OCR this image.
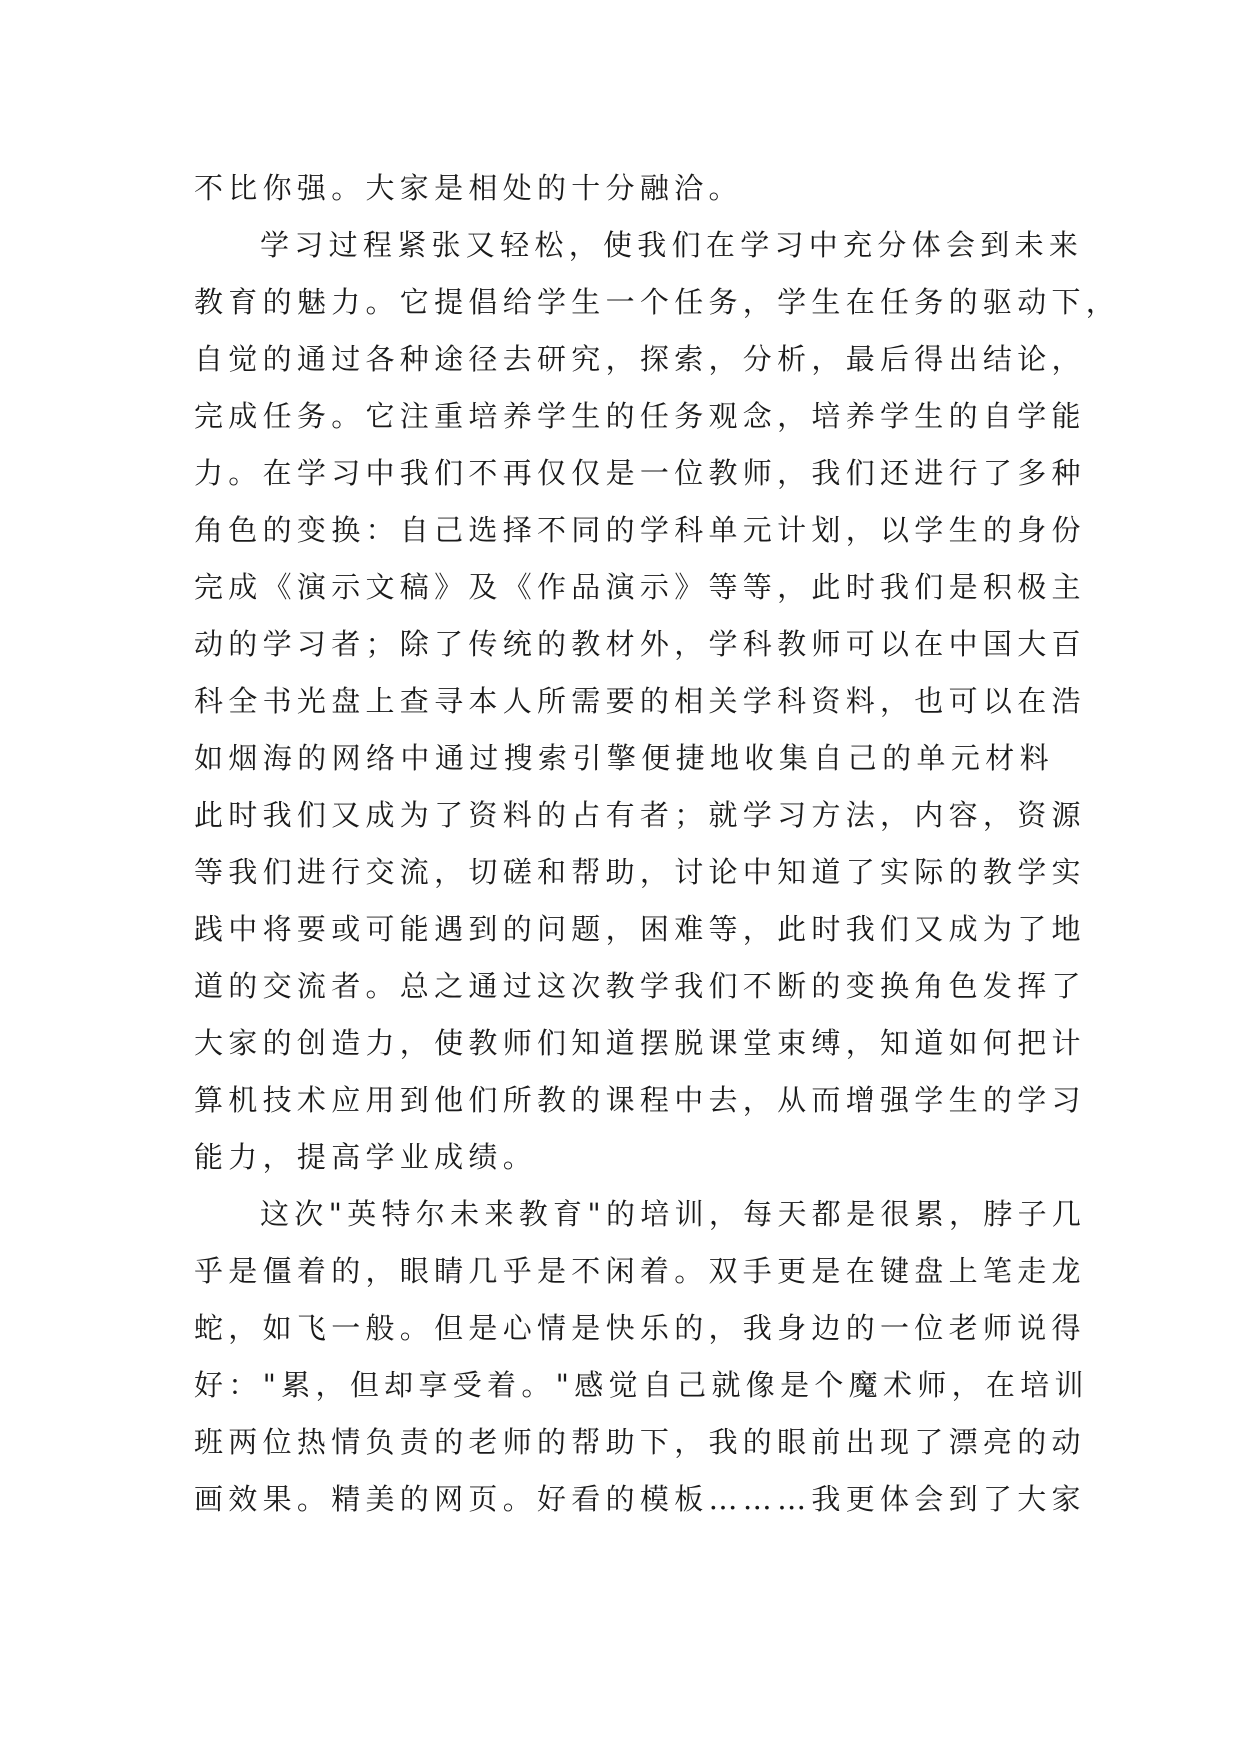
不比你强。大家是相处的十分融洽。
学习过程紧张又轻松，使我们在学习中充分体会到未来
教育的魅力。它提倡给学生一个任务，学生在任务的驱动下，
自觉的通过各种途径去研究，探索，分析，最后得出结论，
完成任务。它注重培养学生的任务观念，培养学生的自学能
力。在学习中我们不再仅仅是一位教师，我们还进行了多种
角色的变换：自己选择不同的学科单元计划，以学生的身份
完成《演示文稿》及《作品演示》等等，此时我们是积极主
动的学习者；除了传统的教材外，学科教师可以在中国大百
科全书光盘上查寻本人所需要的相关学科资料，也可以在浩
如烟海的网络中通过搜索引擎便捷地收集自己的单元材料
此时我们又成为了资料的占有者；就学习方法，内容，资源
等我们进行交流，切磋和帮助，讨论中知道了实际的教学实
践中将要或可能遇到的问题，困难等，此时我们又成为了地
道的交流者。总之通过这次教学我们不断的变换角色发挥了
大家的创造力，使教师们知道摆脱课堂束缚，知道如何把计
算机技术应用到他们所教的课程中去，从而增强学生的学习
能力，提高学业成绩。
这次"英特尔未来教育"的培训，每天都是很累，脖子几
乎是僵着的，眼睛几乎是不闲着。双手更是在键盘上笔走龙
蛇，如飞一般。但是心情是快乐的，我身边的一位老师说得
好："累，但却享受着。"感觉自己就像是个魔术师，在培训
班两位热情负责的老师的帮助下，我的眼前出现了漂亮的动
画效果。精美的网页。好看的模板………我更体会到了大家
